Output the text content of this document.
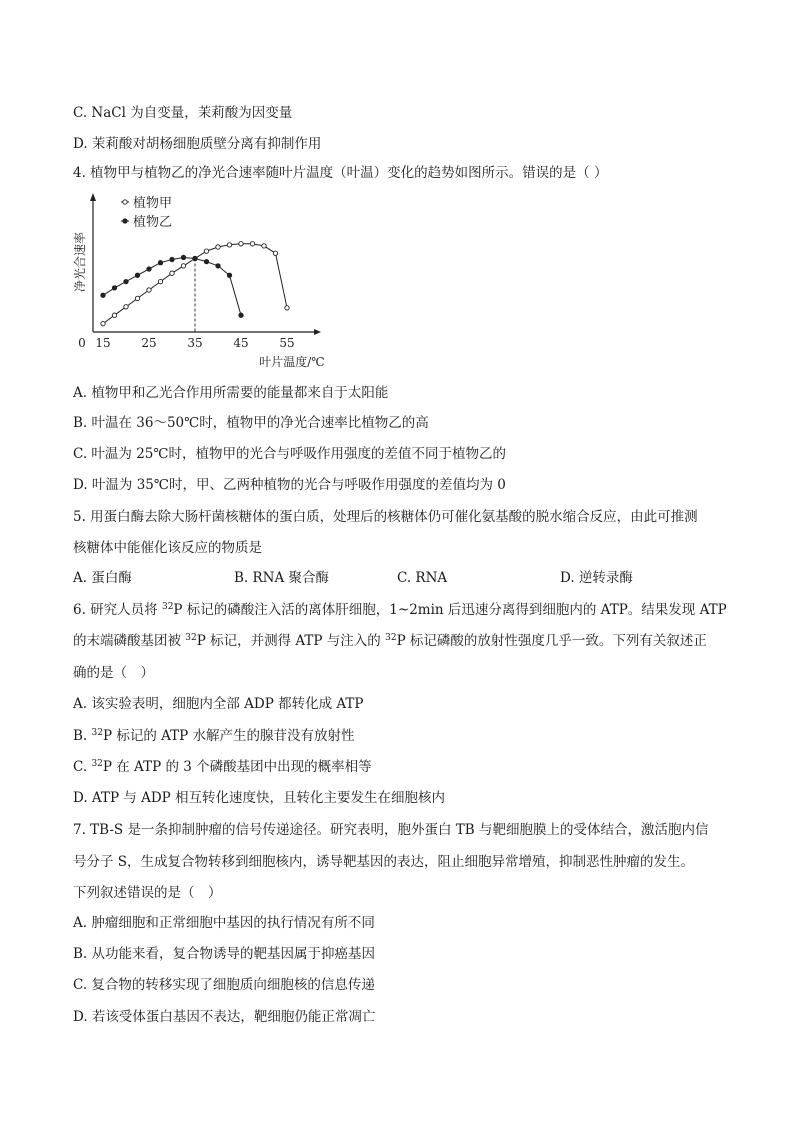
C. NaCl 为自变量，茉莉酸为因变量
D. 茉莉酸对胡杨细胞质壁分离有抑制作用
4. 植物甲与植物乙的净光合速率随叶片温度（叶温）变化的趋势如图所示。错误的是（ ）
0 15	25	35	45	55
叶片温度/℃
净光合速率
植物甲
植物乙
A. 植物甲和乙光合作用所需要的能量都来自于太阳能
B. 叶温在 36～50℃时，植物甲的净光合速率比植物乙的高
C. 叶温为 25℃时，植物甲的光合与呼吸作用强度的差值不同于植物乙的
D. 叶温为 35℃时，甲、乙两种植物的光合与呼吸作用强度的差值均为 0
5. 用蛋白酶去除大肠杆菌核糖体的蛋白质，处理后的核糖体仍可催化氨基酸的脱水缩合反应，由此可推测
核糖体中能催化该反应的物质是
A. 蛋白酶	B. RNA 聚合酶	C. RNA	D. 逆转录酶
6. 研究人员将 $^{32}$P 标记的磷酸注入活的离体肝细胞，1~2min 后迅速分离得到细胞内的 ATP。结果发现 ATP
的末端磷酸基团被 $^{32}$P 标记，并测得 ATP 与注入的 $^{32}$P 标记磷酸的放射性强度几乎一致。下列有关叙述正
确的是（　）
A. 该实验表明，细胞内全部 ADP 都转化成 ATP
B. $^{32}$P 标记的 ATP 水解产生的腺苷没有放射性
C. $^{32}$P 在 ATP 的 3 个磷酸基团中出现的概率相等
D. ATP 与 ADP 相互转化速度快，且转化主要发生在细胞核内
7. TB-S 是一条抑制肿瘤的信号传递途径。研究表明，胞外蛋白 TB 与靶细胞膜上的受体结合，激活胞内信
号分子 S，生成复合物转移到细胞核内，诱导靶基因的表达，阻止细胞异常增殖，抑制恶性肿瘤的发生。
下列叙述错误的是（　）
A. 肿瘤细胞和正常细胞中基因的执行情况有所不同
B. 从功能来看，复合物诱导的靶基因属于抑癌基因
C. 复合物的转移实现了细胞质向细胞核的信息传递
D. 若该受体蛋白基因不表达，靶细胞仍能正常凋亡
